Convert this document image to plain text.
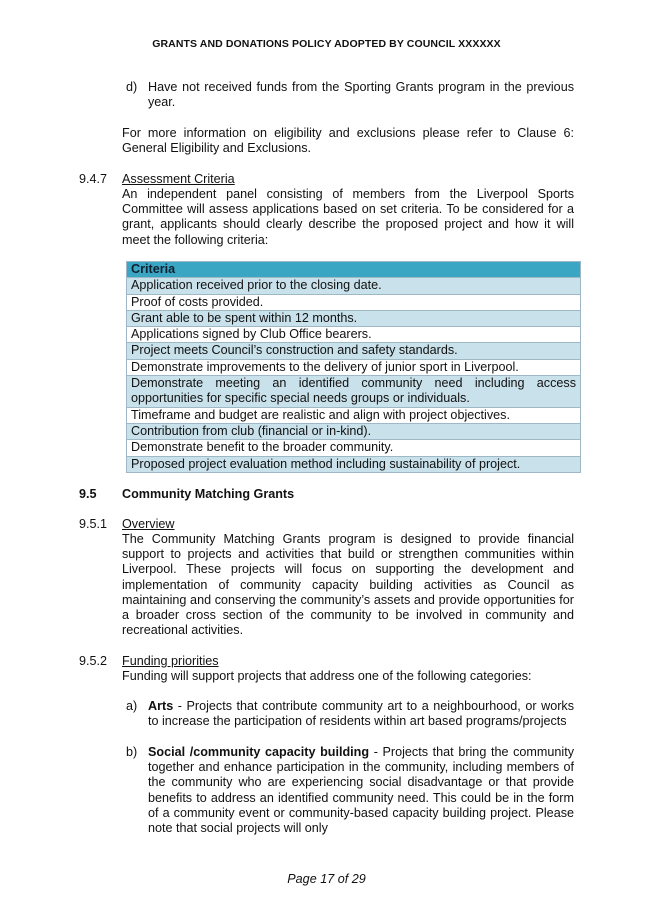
GRANTS AND DONATIONS POLICY ADOPTED BY COUNCIL XXXXXX
d) Have not received funds from the Sporting Grants program in the previous year.
For more information on eligibility and exclusions please refer to Clause 6: General Eligibility and Exclusions.
9.4.7 Assessment Criteria
An independent panel consisting of members from the Liverpool Sports Committee will assess applications based on set criteria. To be considered for a grant, applicants should clearly describe the proposed project and how it will meet the following criteria:
Criteria
Application received prior to the closing date.
Proof of costs provided.
Grant able to be spent within 12 months.
Applications signed by Club Office bearers.
Project meets Council’s construction and safety standards.
Demonstrate improvements to the delivery of junior sport in Liverpool.
Demonstrate meeting an identified community need including access opportunities for specific special needs groups or individuals.
Timeframe and budget are realistic and align with project objectives.
Contribution from club (financial or in-kind).
Demonstrate benefit to the broader community.
Proposed project evaluation method including sustainability of project.
9.5 Community Matching Grants
9.5.1 Overview
The Community Matching Grants program is designed to provide financial support to projects and activities that build or strengthen communities within Liverpool. These projects will focus on supporting the development and implementation of community capacity building activities as Council as maintaining and conserving the community’s assets and provide opportunities for a broader cross section of the community to be involved in community and recreational activities.
9.5.2 Funding priorities
Funding will support projects that address one of the following categories:
a) Arts - Projects that contribute community art to a neighbourhood, or works to increase the participation of residents within art based programs/projects
b) Social /community capacity building - Projects that bring the community together and enhance participation in the community, including members of the community who are experiencing social disadvantage or that provide benefits to address an identified community need. This could be in the form of a community event or community-based capacity building project. Please note that social projects will only
Page 17 of 29
